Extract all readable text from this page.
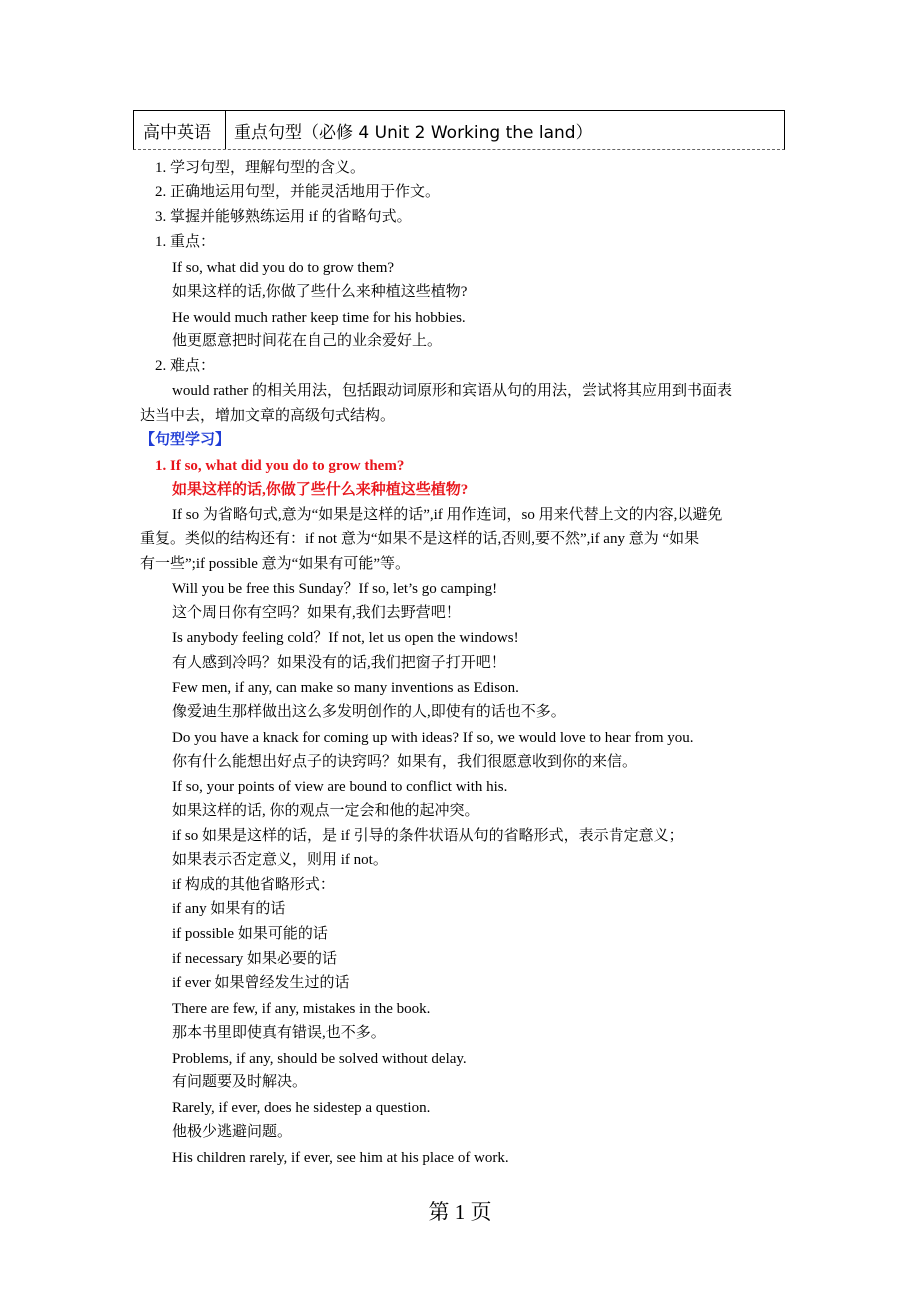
高中英语	重点句型（必修 4 Unit 2 Working the land）
1. 学习句型，理解句型的含义。
2. 正确地运用句型，并能灵活地用于作文。
3. 掌握并能够熟练运用 if 的省略句式。
1. 重点：
If so, what did you do to grow them?
如果这样的话,你做了些什么来种植这些植物?
He would much rather keep time for his hobbies.
他更愿意把时间花在自己的业余爱好上。
2. 难点：
would rather 的相关用法，包括跟动词原形和宾语从句的用法，尝试将其应用到书面表
达当中去，增加文章的高级句式结构。
【句型学习】
1. If so, what did you do to grow them?
如果这样的话,你做了些什么来种植这些植物?
If so 为省略句式,意为“如果是这样的话”,if 用作连词，so 用来代替上文的内容,以避免
重复。类似的结构还有：if not 意为“如果不是这样的话,否则,要不然”,if any 意为 “如果
有一些”;if possible 意为“如果有可能”等。
Will you be free this Sunday？If so, let’s go camping!
这个周日你有空吗？如果有,我们去野营吧！
Is anybody feeling cold？If not, let us open the windows!
有人感到冷吗？如果没有的话,我们把窗子打开吧！
Few men, if any, can make so many inventions as Edison.
像爱迪生那样做出这么多发明创作的人,即使有的话也不多。
Do you have a knack for coming up with ideas? If so, we would love to hear from you.
你有什么能想出好点子的诀窍吗？如果有，我们很愿意收到你的来信。
If so, your points of view are bound to conflict with his.
如果这样的话, 你的观点一定会和他的起冲突。
if so 如果是这样的话，是 if 引导的条件状语从句的省略形式，表示肯定意义；
如果表示否定意义，则用 if not。
if 构成的其他省略形式：
if any 如果有的话
if possible 如果可能的话
if necessary 如果必要的话
if ever 如果曾经发生过的话
There are few, if any, mistakes in the book.
那本书里即使真有错误,也不多。
Problems, if any, should be solved without delay.
有问题要及时解决。
Rarely, if ever, does he sidestep a question.
他极少逃避问题。
His children rarely, if ever, see him at his place of work.
第 1 页
